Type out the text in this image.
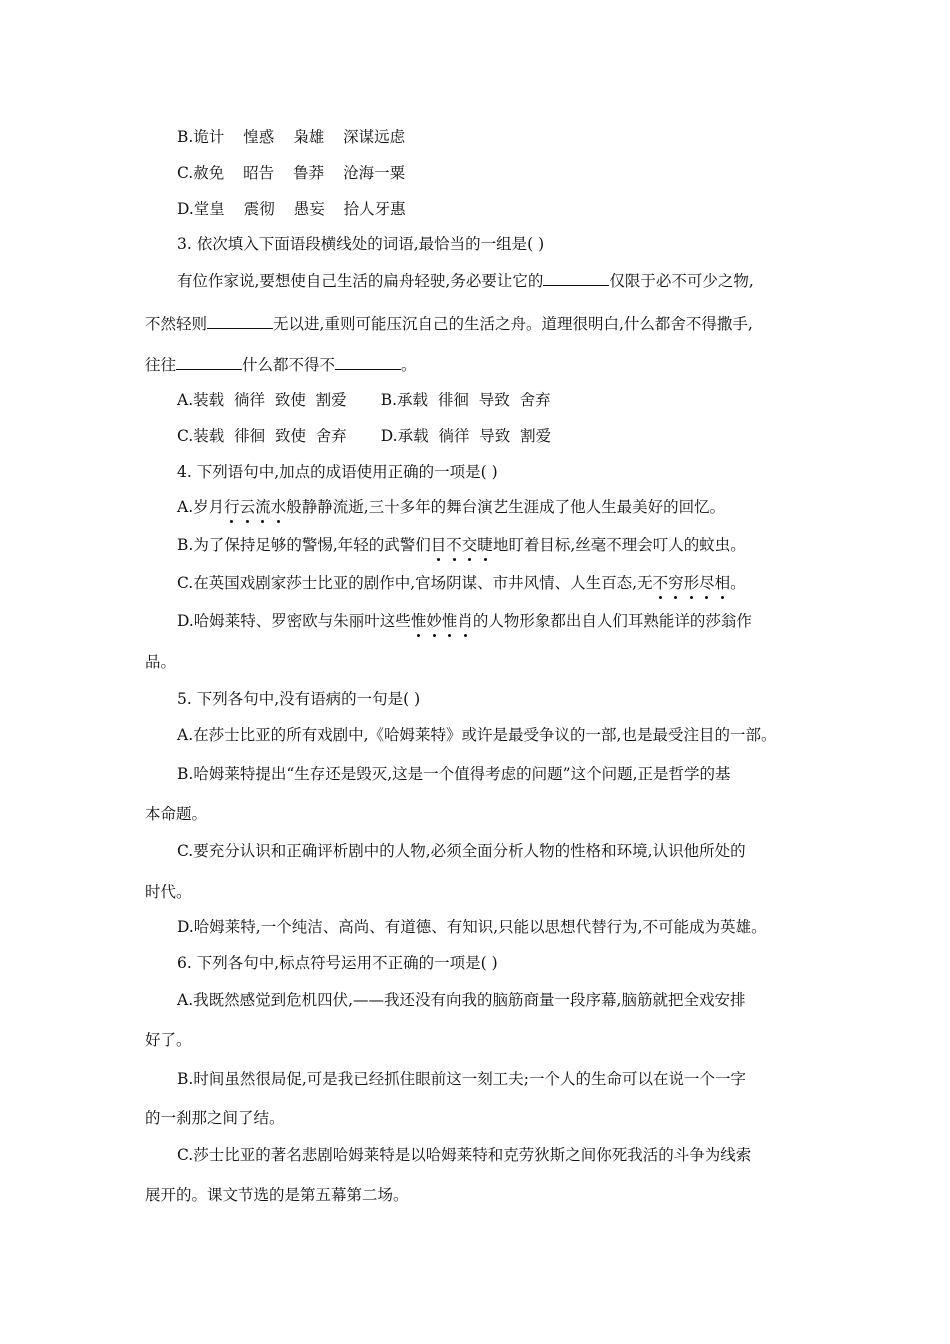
B.诡计 惶惑 枭雄 深谋远虑
C.赦免 昭告 鲁莽 沧海一粟
D.堂皇 震彻 愚妄 拾人牙惠
3. 依次填入下面语段横线处的词语,最恰当的一组是( )
有位作家说,要想使自己生活的扁舟轻驶,务必要让它的	仅限于必不可少之物,
不然轻则	无以进,重则可能压沉自己的生活之舟。道理很明白,什么都舍不得撒手,
往往	什么都不得不	。
A.装载  徜徉  致使  割爱 B.承载  徘徊  导致  舍弃
C.装载  徘徊  致使  舍弃 D.承载  徜徉  导致  割爱
4. 下列语句中,加点的成语使用正确的一项是( )
A.岁月行云流水般静静流逝,三十多年的舞台演艺生涯成了他人生最美好的回忆。
B.为了保持足够的警惕,年轻的武警们目不交睫地盯着目标,丝毫不理会叮人的蚊虫。
C.在英国戏剧家莎士比亚的剧作中,官场阴谋、市井风情、人生百态,无不穷形尽相。
D.哈姆莱特、罗密欧与朱丽叶这些惟妙惟肖的人物形象都出自人们耳熟能详的莎翁作
品。
5. 下列各句中,没有语病的一句是( )
A.在莎士比亚的所有戏剧中,《哈姆莱特》或许是最受争议的一部,也是最受注目的一部。
B.哈姆莱特提出“生存还是毁灭,这是一个值得考虑的问题”这个问题,正是哲学的基
本命题。
C.要充分认识和正确评析剧中的人物,必须全面分析人物的性格和环境,认识他所处的
时代。
D.哈姆莱特,一个纯洁、高尚、有道德、有知识,只能以思想代替行为,不可能成为英雄。
6. 下列各句中,标点符号运用不正确的一项是( )
A.我既然感觉到危机四伏,——我还没有向我的脑筋商量一段序幕,脑筋就把全戏安排
好了。
B.时间虽然很局促,可是我已经抓住眼前这一刻工夫;一个人的生命可以在说一个一字
的一刹那之间了结。
C.莎士比亚的著名悲剧哈姆莱特是以哈姆莱特和克劳狄斯之间你死我活的斗争为线索
展开的。课文节选的是第五幕第二场。
